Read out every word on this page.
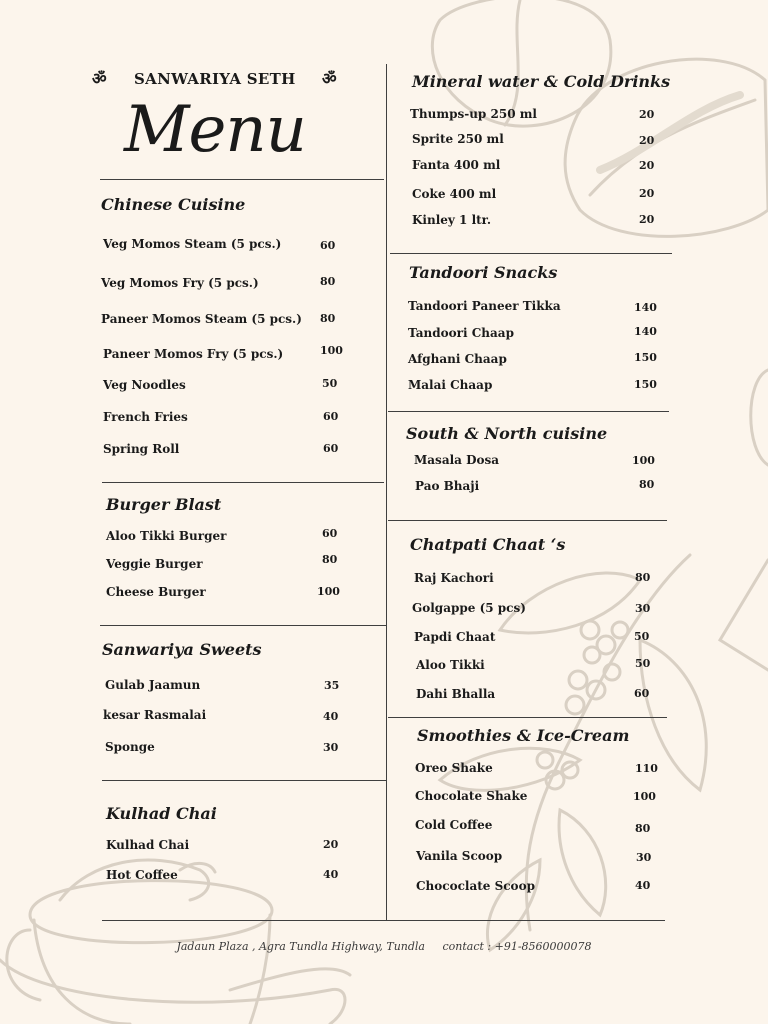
ॐ SANWARIYA SETH ॐ
Menu
Chinese Cuisine
Veg Momos Steam (5 pcs.)	60
Veg Momos Fry (5 pcs.)	80
Paneer Momos Steam (5 pcs.) 80
Paneer Momos Fry (5 pcs.)	100
Veg Noodles	50
French Fries	60
Spring Roll	60
Burger Blast
Aloo Tikki Burger	60
Veggie Burger	80
Cheese Burger	100
Sanwariya Sweets
Gulab Jaamun	35
kesar Rasmalai	40
Sponge	30
Kulhad Chai
Kulhad Chai	20
Hot Coffee	40
Mineral water & Cold Drinks
Thumps-up 250 ml	20
Sprite 250 ml	20
Fanta 400 ml	20
Coke 400 ml	20
Kinley 1 ltr.	20
Tandoori Snacks
Tandoori Paneer Tikka	140
Tandoori Chaap	140
Afghani Chaap	150
Malai Chaap	150
South & North cuisine
Masala Dosa	100
Pao Bhaji	80
Chatpati Chaat ‘s
Raj Kachori	80
Golgappe (5 pcs)	30
Papdi Chaat	50
Aloo Tikki	50
Dahi Bhalla	60
Smoothies & Ice-Cream
Oreo Shake	110
Chocolate Shake	100
Cold Coffee	80
Vanila Scoop	30
Chococlate Scoop	40
Jadaun Plaza , Agra Tundla Highway, Tundla contact : +91-8560000078
